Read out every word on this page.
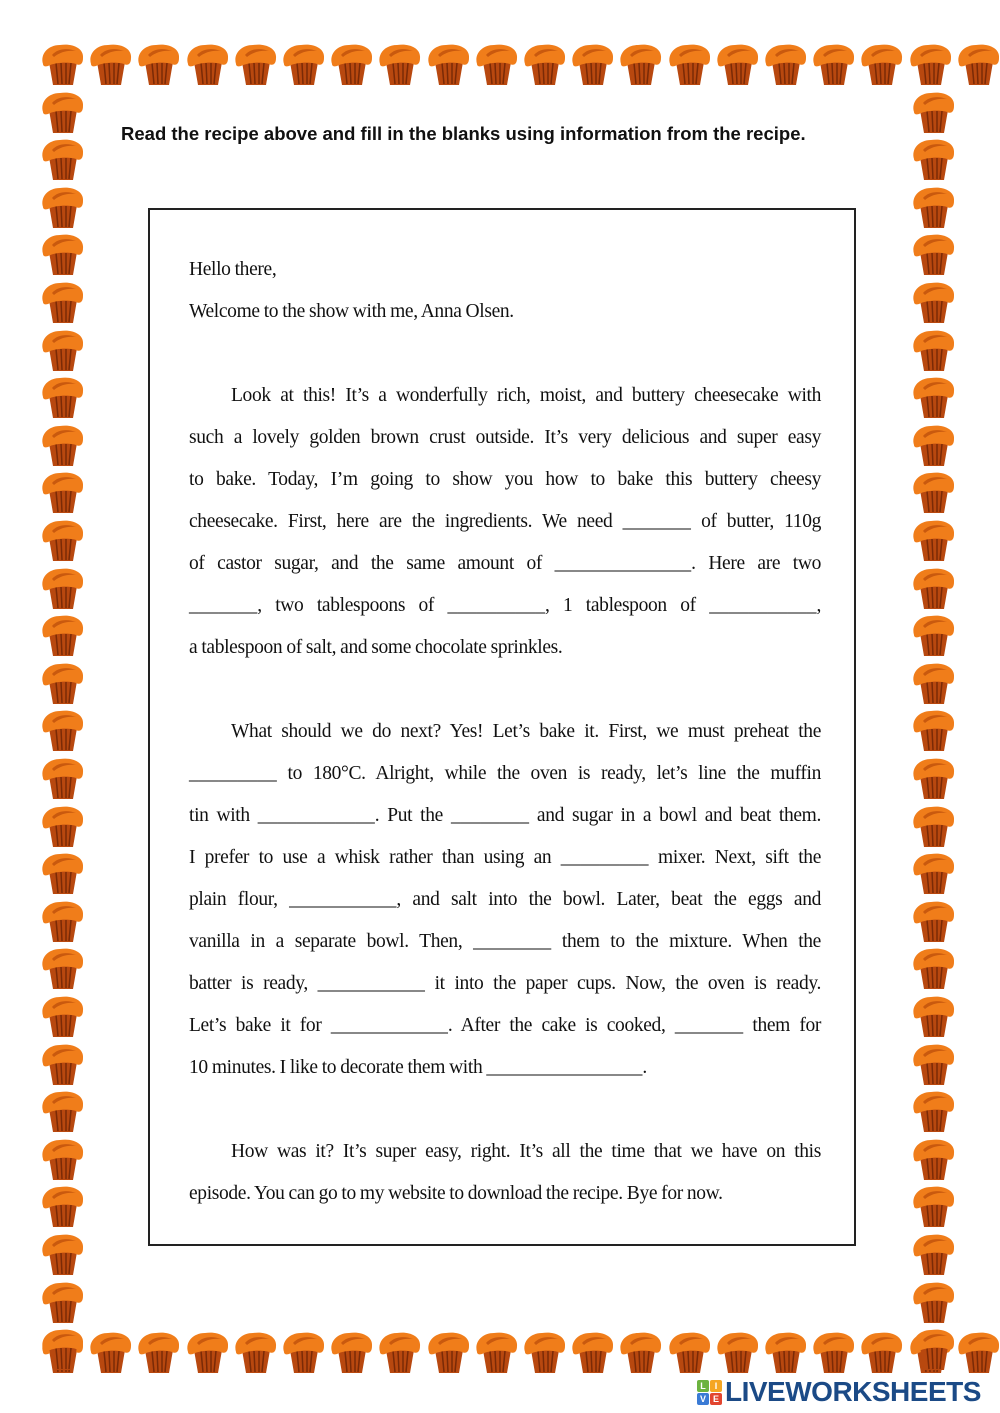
Read the recipe above and fill in the blanks using information from the recipe.
Hello there,
Welcome to the show with me, Anna Olsen.
Look at this! It’s a wonderfully rich, moist, and buttery cheesecake with
such a lovely golden brown crust outside. It’s very delicious and super easy
to bake. Today, I’m going to show you how to bake this buttery cheesy
cheesecake. First, here are the ingredients. We need _______ of butter, 110g
of castor sugar, and the same amount of ______________. Here are two
_______, two tablespoons of __________, 1 tablespoon of ___________,
a tablespoon of salt, and some chocolate sprinkles.
What should we do next? Yes! Let’s bake it. First, we must preheat the
_________ to 180°C. Alright, while the oven is ready, let’s line the muffin
tin with ____________. Put the ________ and sugar in a bowl and beat them.
I prefer to use a whisk rather than using an _________ mixer. Next, sift the
plain flour, ___________, and salt into the bowl. Later, beat the eggs and
vanilla in a separate bowl. Then, ________ them to the mixture. When the
batter is ready, ___________ it into the paper cups. Now, the oven is ready.
Let’s bake it for ____________. After the cake is cooked, _______ them for
10 minutes. I like to decorate them with ________________.
How was it? It’s super easy, right. It’s all the time that we have on this
episode. You can go to my website to download the recipe. Bye for now.
L I
V E LIVEWORKSHEETS
